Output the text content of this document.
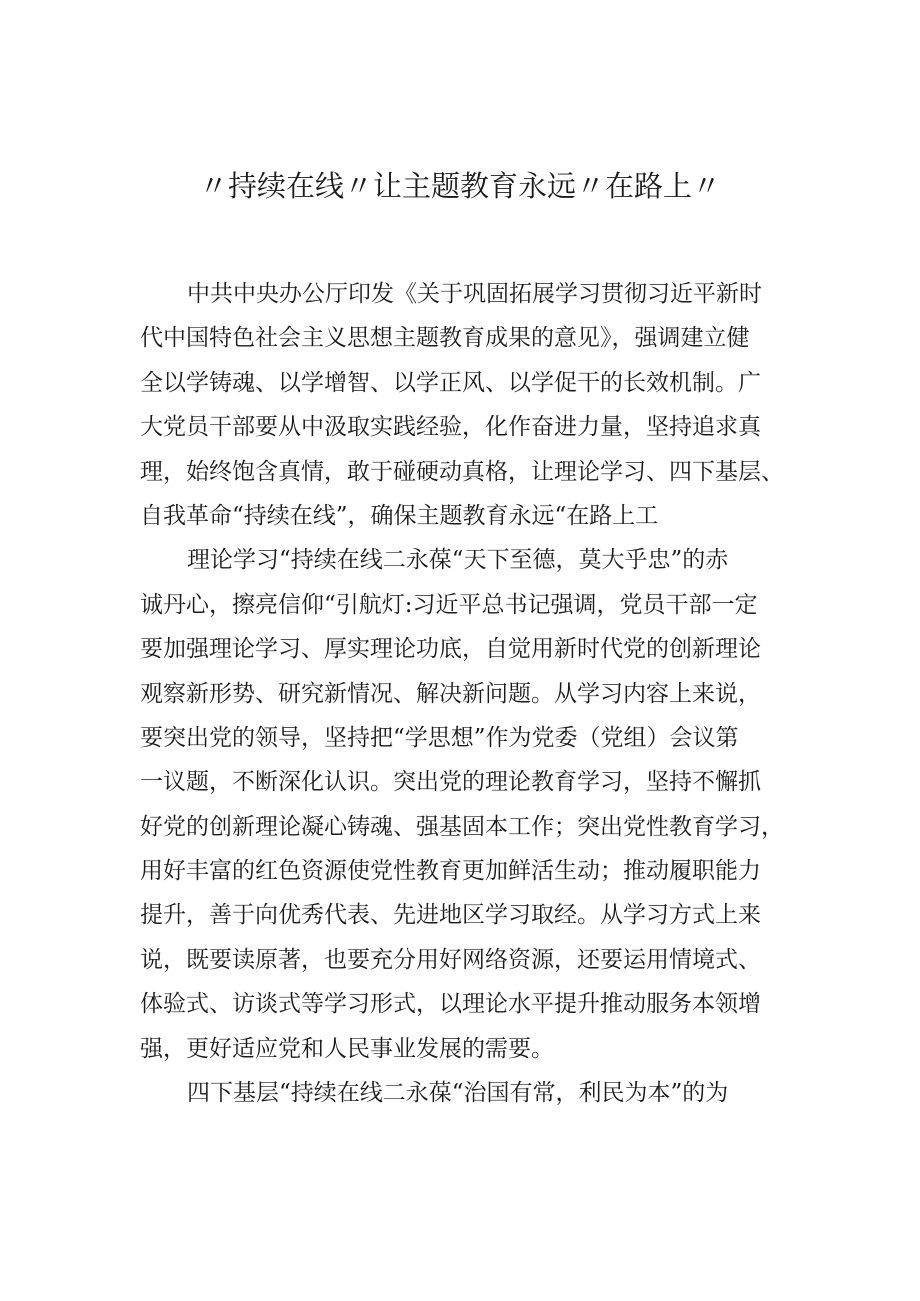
〃持续在线〃让主题教育永远〃在路上〃
中共中央办公厅印发《关于巩固拓展学习贯彻习近平新时
代中国特色社会主义思想主题教育成果的意见》，强调建立健
全以学铸魂、以学增智、以学正风、以学促干的长效机制。广
大党员干部要从中汲取实践经验，化作奋进力量，坚持追求真
理，始终饱含真情，敢于碰硬动真格，让理论学习、四下基层、
自我革命“持续在线”，确保主题教育永远“在路上工
理论学习“持续在线二永葆“天下至德，莫大乎忠”的赤
诚丹心，擦亮信仰“引航灯:习近平总书记强调，党员干部一定
要加强理论学习、厚实理论功底，自觉用新时代党的创新理论
观察新形势、研究新情况、解决新问题。从学习内容上来说，
要突出党的领导，坚持把“学思想”作为党委（党组）会议第
一议题，不断深化认识。突出党的理论教育学习，坚持不懈抓
好党的创新理论凝心铸魂、强基固本工作；突出党性教育学习，
用好丰富的红色资源使党性教育更加鲜活生动；推动履职能力
提升，善于向优秀代表、先进地区学习取经。从学习方式上来
说，既要读原著，也要充分用好网络资源，还要运用情境式、
体验式、访谈式等学习形式，以理论水平提升推动服务本领增
强，更好适应党和人民事业发展的需要。
四下基层“持续在线二永葆“治国有常，利民为本”的为
